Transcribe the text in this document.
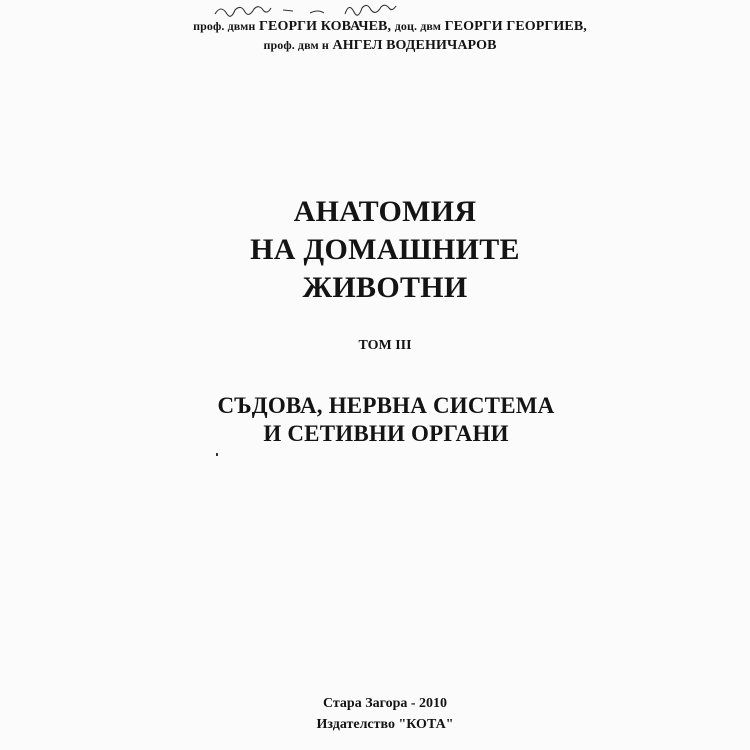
проф. двмн ГЕОРГИ КОВАЧЕВ, доц. двм ГЕОРГИ ГЕОРГИЕВ,
проф. двм н АНГЕЛ ВОДЕНИЧАРОВ
АНАТОМИЯ
НА ДОМАШНИТЕ
ЖИВОТНИ
ТОМ III
СЪДОВА, НЕРВНА СИСТЕМА
И СЕТИВНИ ОРГАНИ
Стара Загора - 2010
Издателство "КОТА"
